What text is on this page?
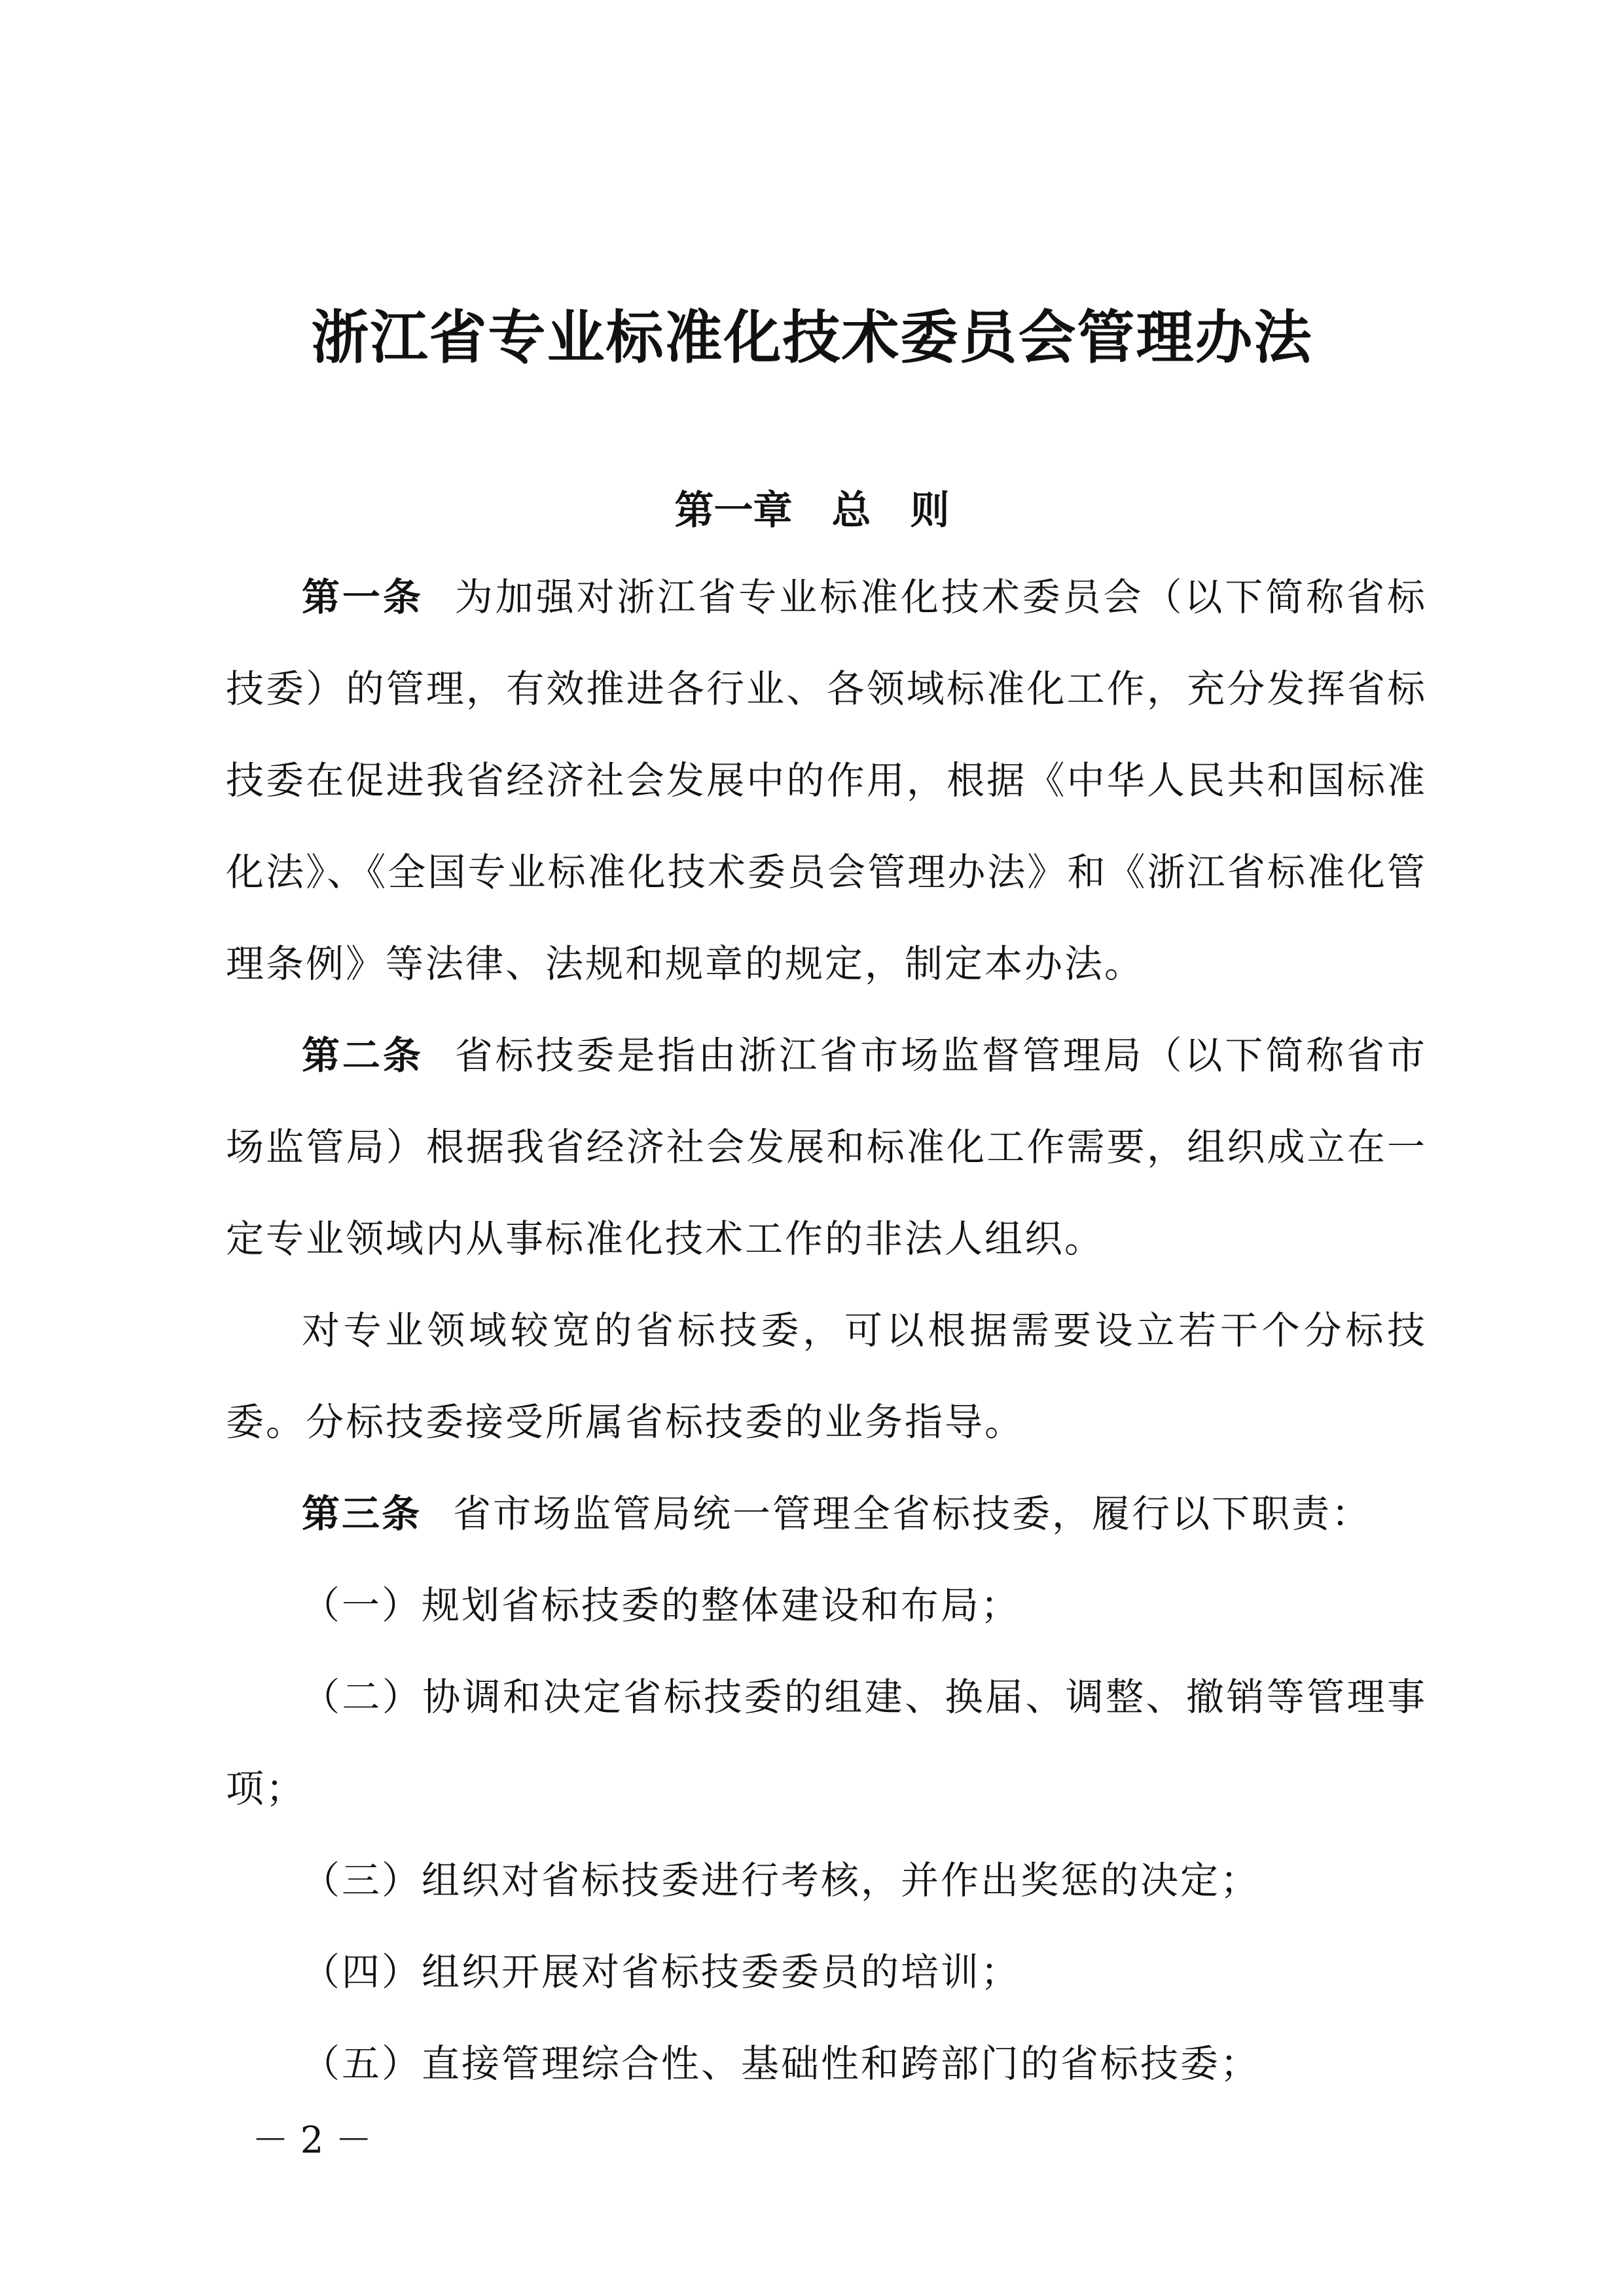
浙江省专业标准化技术委员会管理办法
第一章 总　则

第一条 为加强对浙江省专业标准化技术委员会（以下简称省标技委）的管理，有效推进各行业、各领域标准化工作，充分发挥省标技委在促进我省经济社会发展中的作用，根据《中华人民共和国标准化法》、《全国专业标准化技术委员会管理办法》和《浙江省标准化管理条例》等法律、法规和规章的规定，制定本办法。

第二条 省标技委是指由浙江省市场监督管理局（以下简称省市场监管局）根据我省经济社会发展和标准化工作需要，组织成立在一定专业领域内从事标准化技术工作的非法人组织。

对专业领域较宽的省标技委，可以根据需要设立若干个分标技委。分标技委接受所属省标技委的业务指导。

第三条 省市场监管局统一管理全省标技委，履行以下职责：

（一）规划省标技委的整体建设和布局；

（二）协调和决定省标技委的组建、换届、调整、撤销等管理事项；

（三）组织对省标技委进行考核，并作出奖惩的决定；

（四）组织开展对省标技委委员的培训；

（五）直接管理综合性、基础性和跨部门的省标技委；

－ 2 －
